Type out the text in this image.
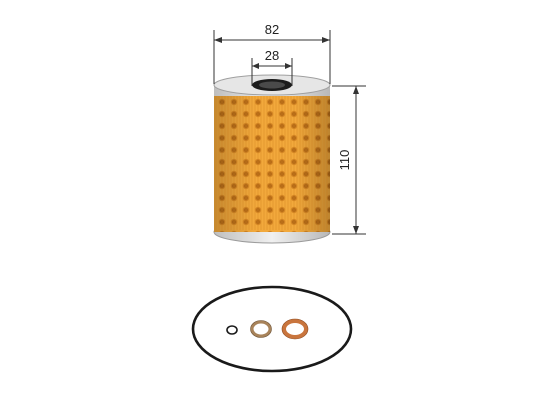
82
28
110
